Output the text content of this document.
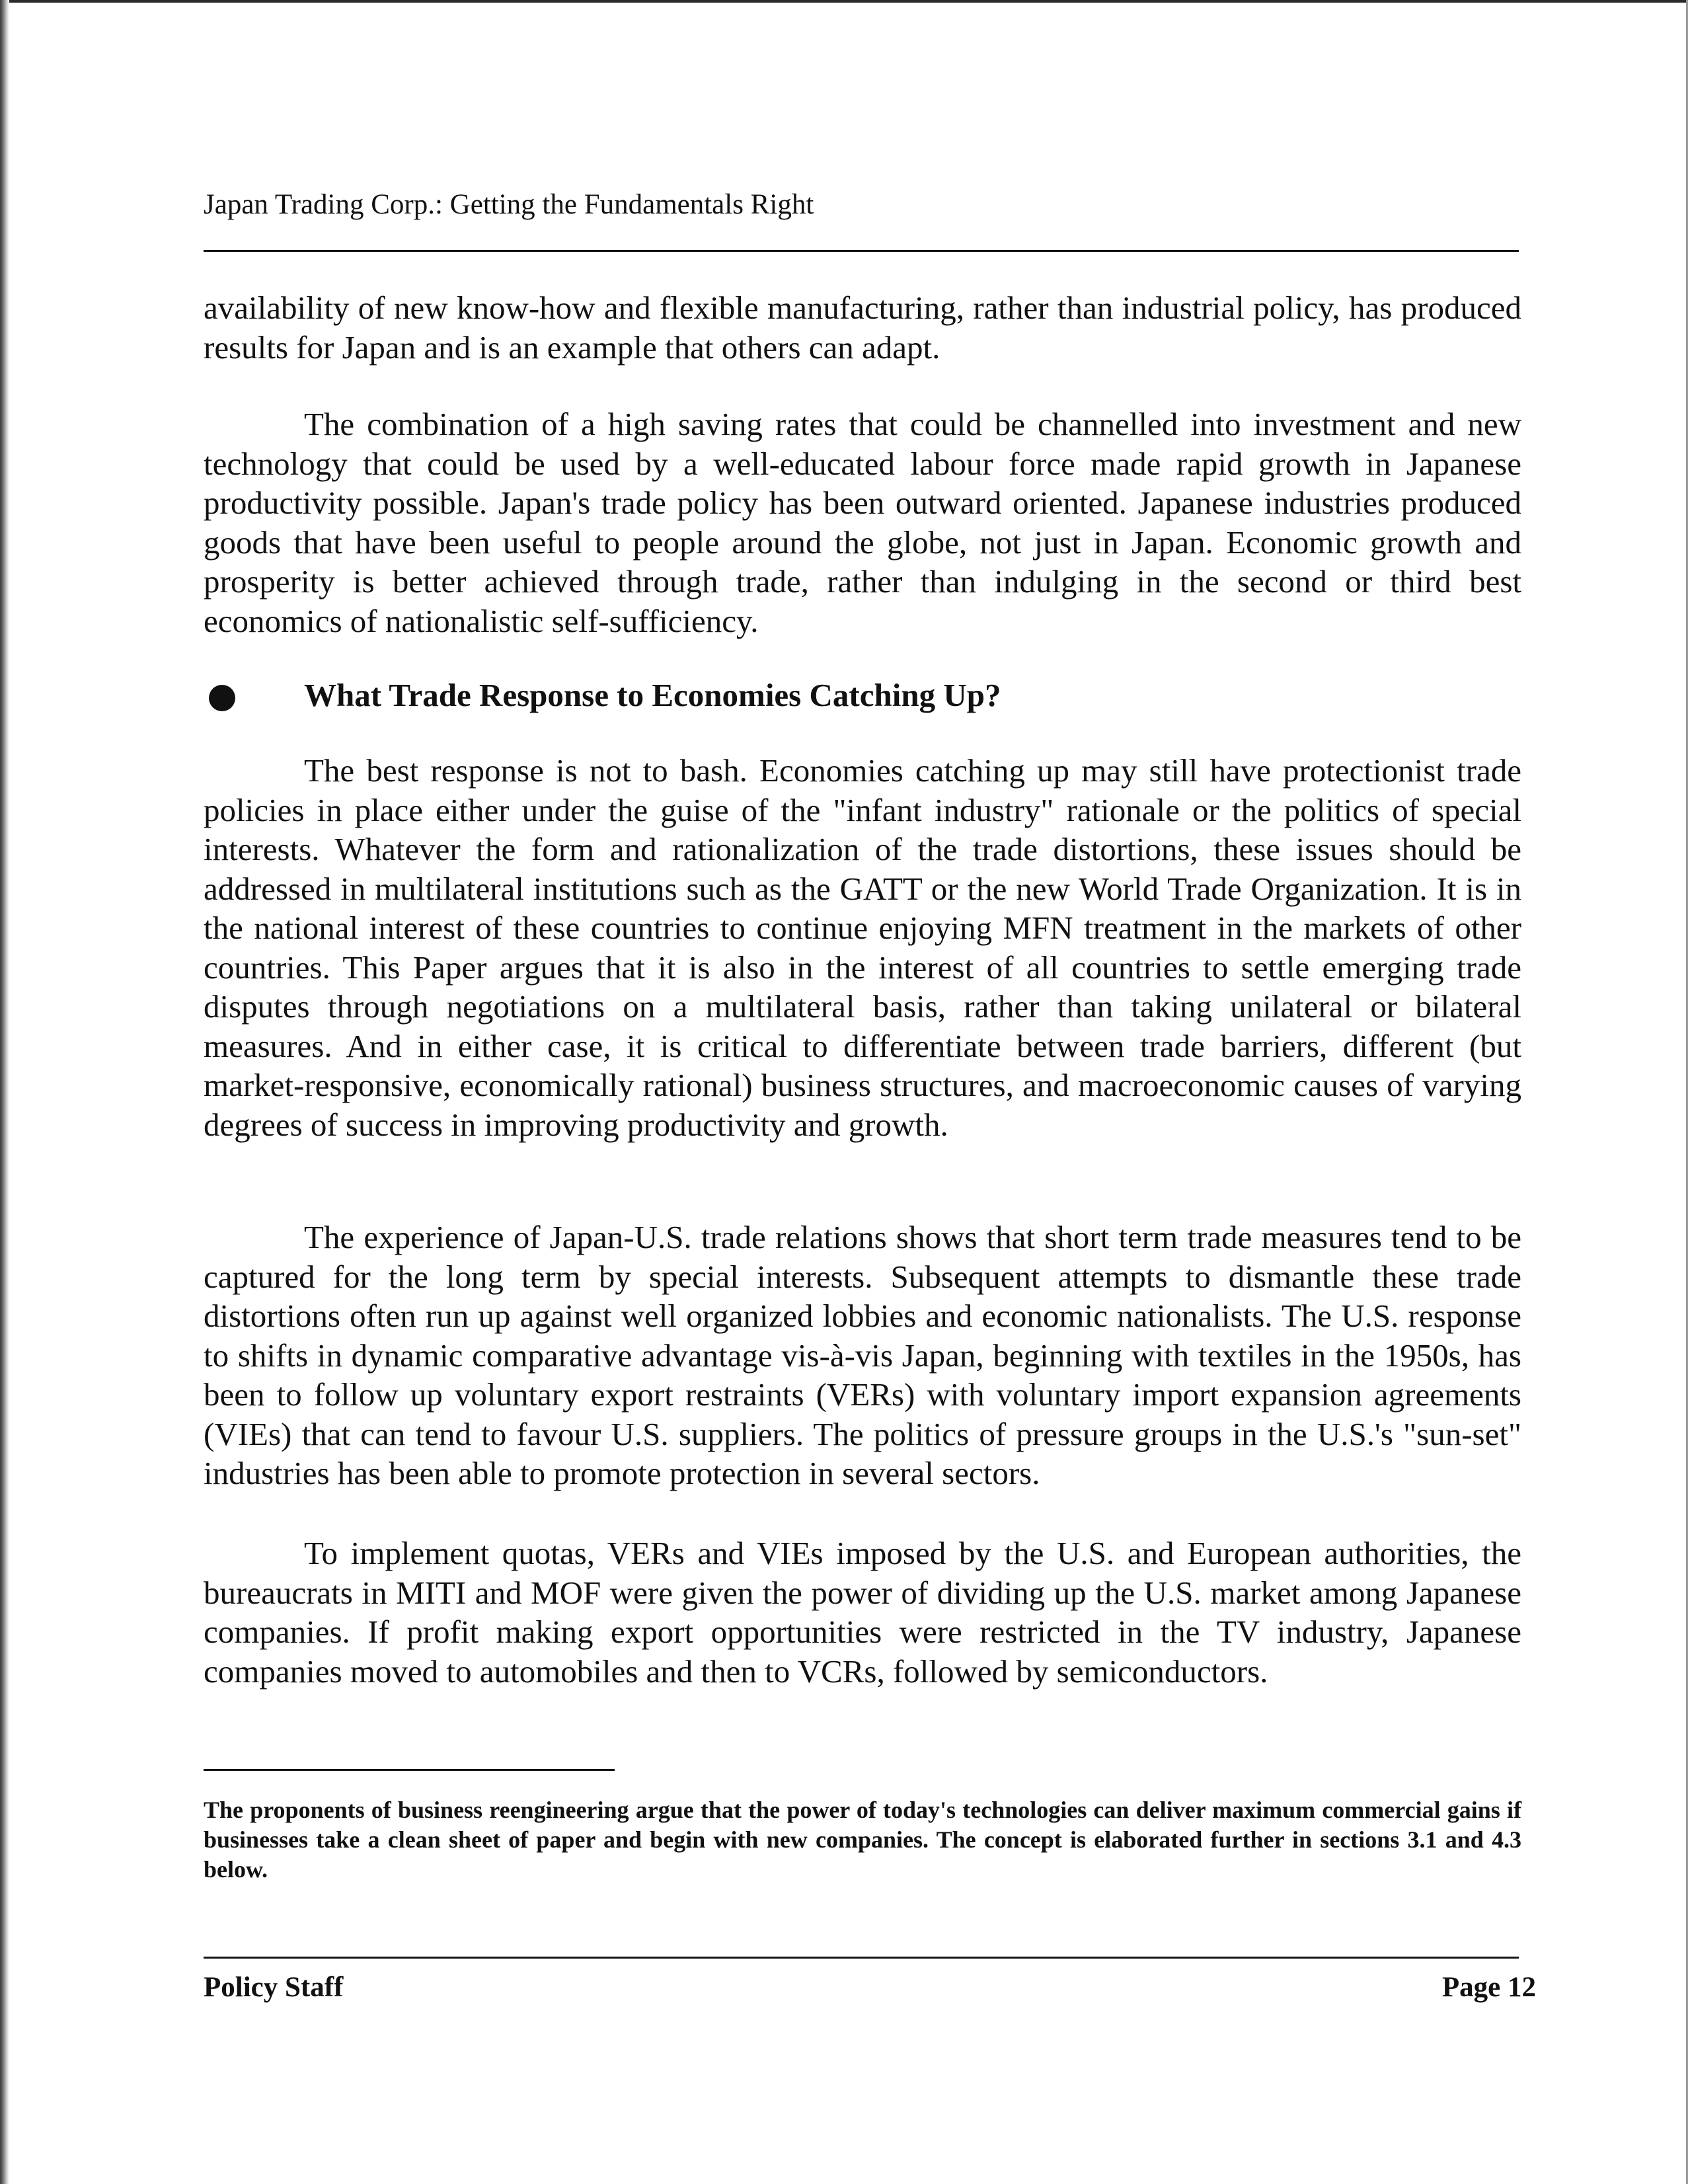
Japan Trading Corp.: Getting the Fundamentals Right

availability of new know-how and flexible manufacturing, rather than industrial policy, has produced results for Japan and is an example that others can adapt.

The combination of a high saving rates that could be channelled into investment and new technology that could be used by a well-educated labour force made rapid growth in Japanese productivity possible. Japan's trade policy has been outward oriented. Japanese industries produced goods that have been useful to people around the globe, not just in Japan. Economic growth and prosperity is better achieved through trade, rather than indulging in the second or third best economics of nationalistic self-sufficiency.

What Trade Response to Economies Catching Up?

The best response is not to bash. Economies catching up may still have protectionist trade policies in place either under the guise of the "infant industry" rationale or the politics of special interests. Whatever the form and rationalization of the trade distortions, these issues should be addressed in multilateral institutions such as the GATT or the new World Trade Organization. It is in the national interest of these countries to continue enjoying MFN treatment in the markets of other countries. This Paper argues that it is also in the interest of all countries to settle emerging trade disputes through negotiations on a multilateral basis, rather than taking unilateral or bilateral measures. And in either case, it is critical to differentiate between trade barriers, different (but market-responsive, economically rational) business structures, and macroeconomic causes of varying degrees of success in improving productivity and growth.

The experience of Japan-U.S. trade relations shows that short term trade measures tend to be captured for the long term by special interests. Subsequent attempts to dismantle these trade distortions often run up against well organized lobbies and economic nationalists. The U.S. response to shifts in dynamic comparative advantage vis-à-vis Japan, beginning with textiles in the 1950s, has been to follow up voluntary export restraints (VERs) with voluntary import expansion agreements (VIEs) that can tend to favour U.S. suppliers. The politics of pressure groups in the U.S.'s "sun-set" industries has been able to promote protection in several sectors.

To implement quotas, VERs and VIEs imposed by the U.S. and European authorities, the bureaucrats in MITI and MOF were given the power of dividing up the U.S. market among Japanese companies. If profit making export opportunities were restricted in the TV industry, Japanese companies moved to automobiles and then to VCRs, followed by semiconductors.

The proponents of business reengineering argue that the power of today's technologies can deliver maximum commercial gains if businesses take a clean sheet of paper and begin with new companies. The concept is elaborated further in sections 3.1 and 4.3 below.

Policy Staff	Page 12
